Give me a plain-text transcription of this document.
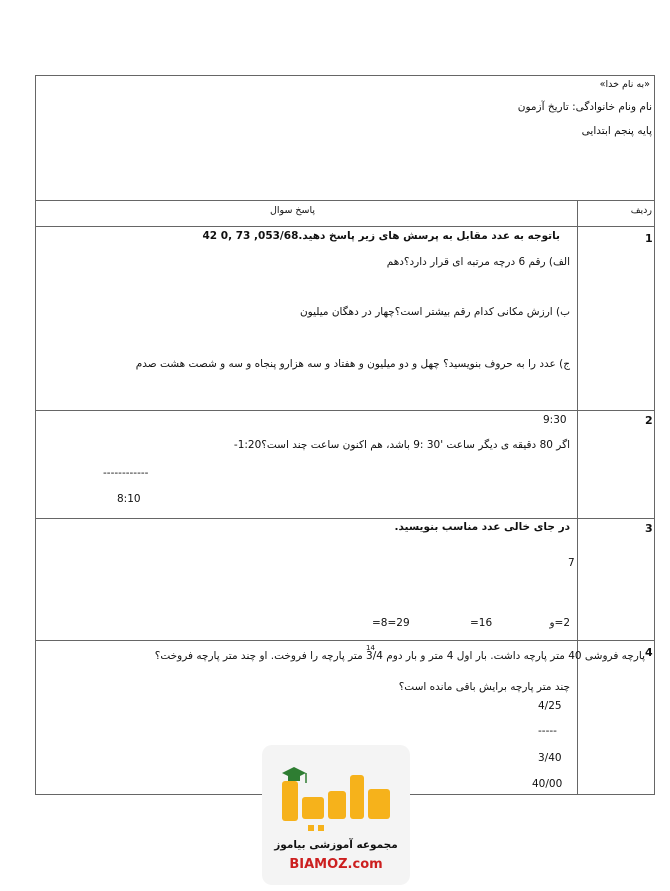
«به نام خدا»
نام ونام خانوادگی: تاریخ آزمون
پایه پنجم ابتدایی
ردیف
پاسخ سوال
1
باتوجه به عدد مقابل به پرسش های زیر پاسخ دهید.053/68, 73 ,0 42
الف) رقم 6 درچه مرتبه ای قرار دارد؟دهم
ب) ارزش مکانی کدام رقم بیشتر است؟چهار در دهگان میلیون
ج) عدد را به حروف بنویسید؟ چهل و دو میلیون و هفتاد و سه هزارو پنجاه و سه و شصت هشت صدم
2
9:30
اگر 80 دقیقه ی دیگر ساعت '30 :9 باشد، هم اکنون ساعت چند است؟1:20-
------------
8:10
3
در جای خالی عدد مناسب بنویسید.
7
=8=29	=16	2=و
4
پارچه فروشی 40 متر پارچه داشت. بار اول 4 متر و بار دوم 3/4 متر پارچه را فروخت. او چند متر پارچه فروخت؟
14
چند متر پارچه برایش باقی مانده است؟
4/25
-----
3/40
40/00
مجموعه آموزشی بیاموز
BIAMOZ.com
